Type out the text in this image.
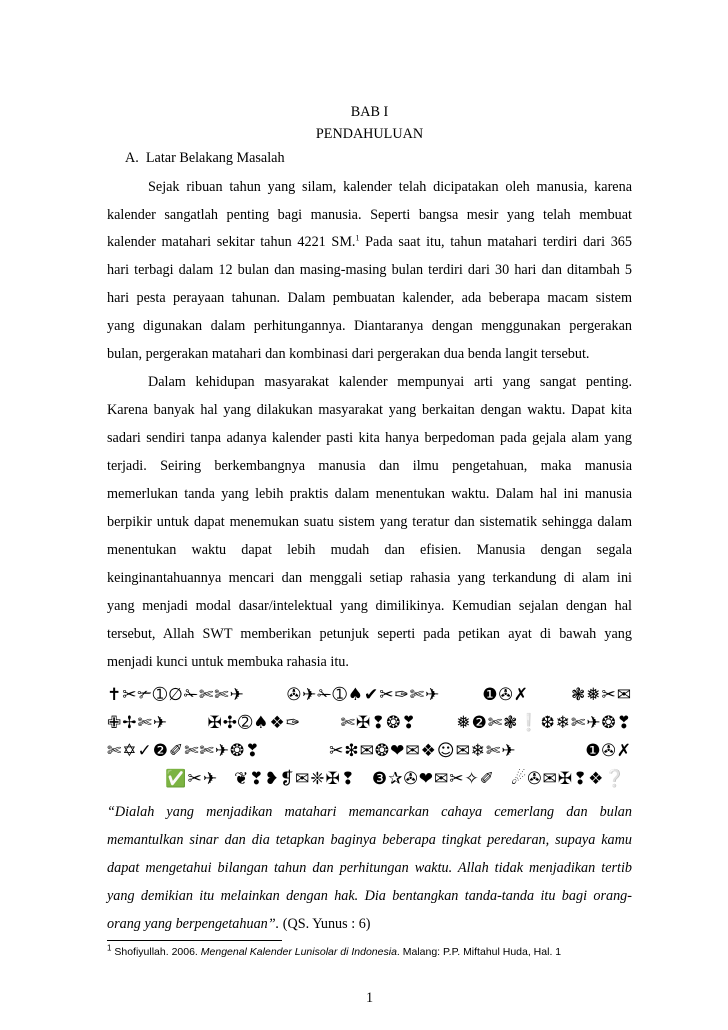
BAB I
PENDAHULUAN
A.  Latar Belakang Masalah
Sejak ribuan tahun yang silam, kalender telah dicipatakan oleh manusia, karena
kalender sangatlah penting bagi manusia. Seperti bangsa mesir yang telah membuat
kalender matahari sekitar tahun 4221 SM.$^1$ Pada saat itu, tahun matahari terdiri dari 365
hari terbagi dalam 12 bulan dan masing-masing bulan terdiri dari 30 hari dan ditambah 5
hari pesta perayaan tahunan. Dalam pembuatan kalender, ada beberapa macam sistem
yang digunakan dalam perhitungannya. Diantaranya dengan menggunakan pergerakan
bulan, pergerakan matahari dan kombinasi dari pergerakan dua benda langit tersebut.
Dalam kehidupan masyarakat kalender mempunyai arti yang sangat penting.
Karena banyak hal yang dilakukan masyarakat yang berkaitan dengan waktu. Dapat kita
sadari sendiri tanpa adanya kalender pasti kita hanya berpedoman pada gejala alam yang
terjadi. Seiring berkembangnya manusia dan ilmu pengetahuan, maka manusia
memerlukan tanda yang lebih praktis dalam menentukan waktu. Dalam hal ini manusia
berpikir untuk dapat menemukan suatu sistem yang teratur dan sistematik sehingga dalam
menentukan waktu dapat lebih mudah dan efisien. Manusia dengan segala
keinginantahuannya mencari dan menggali setiap rahasia yang terkandung di alam ini
yang menjadi modal dasar/intelektual yang dimilikinya. Kemudian sejalan dengan hal
tersebut, Allah SWT memberikan petunjuk seperti pada petikan ayat di bawah yang
menjadi kunci untuk membuka rahasia itu.
✝✂✃➀∅✁✄✄✈ ✇✈✁➀♠✔✂✑✄✈ ❶✇✗ ❃❅✂✉
✙✢✄✈ ✠✣➁♠❖✑ ✄✠❢❂❣ ❅❷✄❃❕❆❄✄✈❂❣
✄✡✓❷✐✄✄✈❂❣	✂❇✉❂❤✉❖☺✉❄✄✈	❶✇✗
✅✂✈ ❦❣❥❡✉❈✠❢ ❸✰✇❤✉✂✧✐ ☄✇✉✠❢❖❔
“Dialah yang menjadikan matahari memancarkan cahaya cemerlang dan bulan
memantulkan sinar dan dia tetapkan baginya beberapa tingkat peredaran, supaya kamu
dapat mengetahui bilangan tahun dan perhitungan waktu. Allah tidak menjadikan tertib
yang demikian itu melainkan dengan hak. Dia bentangkan tanda-tanda itu bagi orang-
$^1$ Shofiyullah. 2006. Mengenal Kalender Lunisolar di Indonesia. Malang: P.P. Miftahul Huda, Hal. 1
orang yang berpengetahuan”. (QS. Yunus : 6)
1
